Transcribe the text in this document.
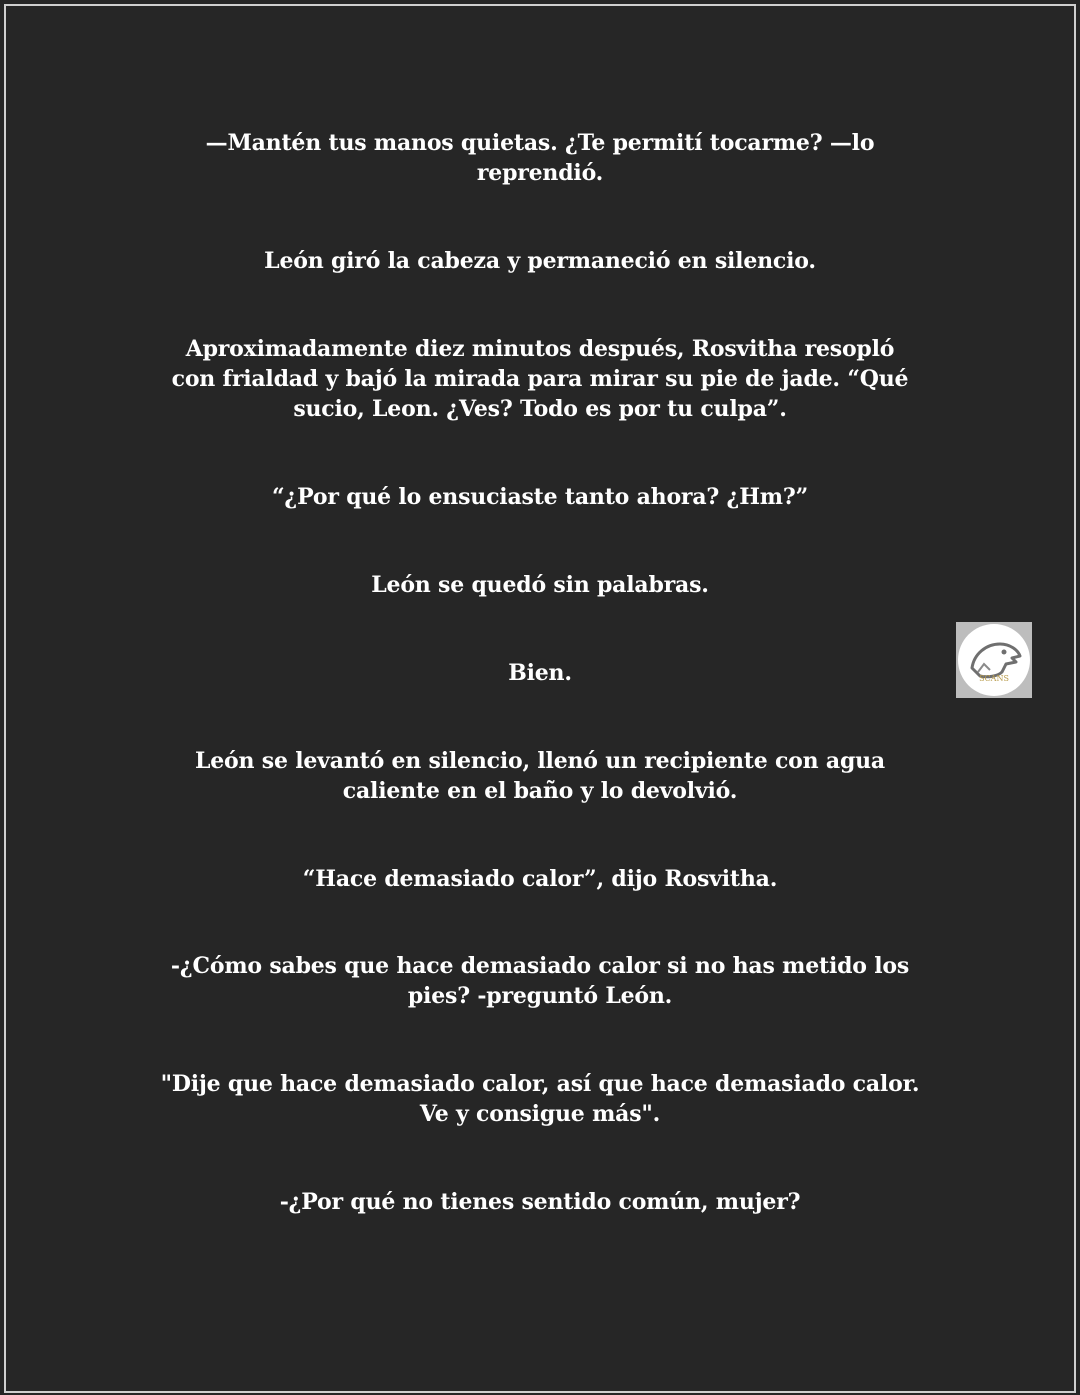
—Mantén tus manos quietas. ¿Te permití tocarme? —lo
reprendió.
León giró la cabeza y permaneció en silencio.
Aproximadamente diez minutos después, Rosvitha resopló
con frialdad y bajó la mirada para mirar su pie de jade. “Qué
sucio, Leon. ¿Ves? Todo es por tu culpa”.
“¿Por qué lo ensuciaste tanto ahora? ¿Hm?”
León se quedó sin palabras.
Bien.
León se levantó en silencio, llenó un recipiente con agua
caliente en el baño y lo devolvió.
“Hace demasiado calor”, dijo Rosvitha.
-¿Cómo sabes que hace demasiado calor si no has metido los
pies? -preguntó León.
"Dije que hace demasiado calor, así que hace demasiado calor.
Ve y consigue más".
-¿Por qué no tienes sentido común, mujer?
SCANS
